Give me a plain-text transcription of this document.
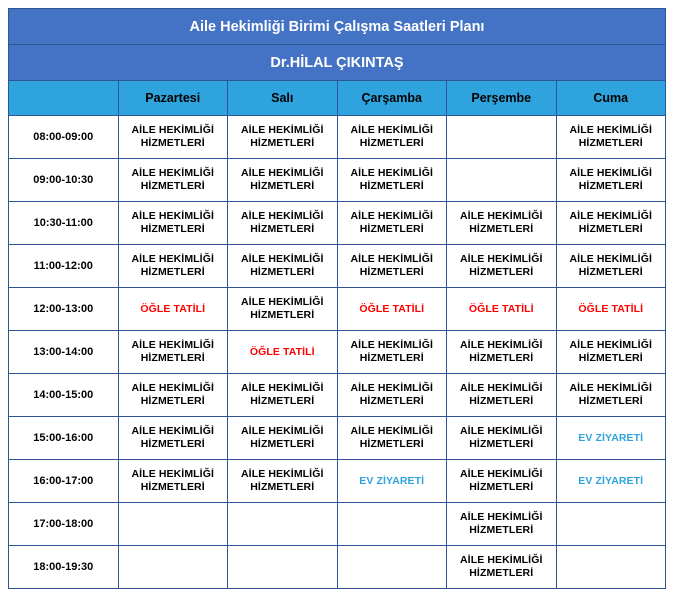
Aile Hekimliği Birimi Çalışma Saatleri Planı					
Dr.HİLAL ÇIKINTAŞ					
	Pazartesi	Salı	Çarşamba	Perşembe	Cuma
08:00-09:00	AİLE HEKİMLİĞİ HİZMETLERİ	AİLE HEKİMLİĞİ HİZMETLERİ	AİLE HEKİMLİĞİ HİZMETLERİ		AİLE HEKİMLİĞİ HİZMETLERİ
09:00-10:30	AİLE HEKİMLİĞİ HİZMETLERİ	AİLE HEKİMLİĞİ HİZMETLERİ	AİLE HEKİMLİĞİ HİZMETLERİ		AİLE HEKİMLİĞİ HİZMETLERİ
10:30-11:00	AİLE HEKİMLİĞİ HİZMETLERİ	AİLE HEKİMLİĞİ HİZMETLERİ	AİLE HEKİMLİĞİ HİZMETLERİ	AİLE HEKİMLİĞİ HİZMETLERİ	AİLE HEKİMLİĞİ HİZMETLERİ
11:00-12:00	AİLE HEKİMLİĞİ HİZMETLERİ	AİLE HEKİMLİĞİ HİZMETLERİ	AİLE HEKİMLİĞİ HİZMETLERİ	AİLE HEKİMLİĞİ HİZMETLERİ	AİLE HEKİMLİĞİ HİZMETLERİ
12:00-13:00	ÖĞLE TATİLİ	AİLE HEKİMLİĞİ HİZMETLERİ	ÖĞLE TATİLİ	ÖĞLE TATİLİ	ÖĞLE TATİLİ
13:00-14:00	AİLE HEKİMLİĞİ HİZMETLERİ	ÖĞLE TATİLİ	AİLE HEKİMLİĞİ HİZMETLERİ	AİLE HEKİMLİĞİ HİZMETLERİ	AİLE HEKİMLİĞİ HİZMETLERİ
14:00-15:00	AİLE HEKİMLİĞİ HİZMETLERİ	AİLE HEKİMLİĞİ HİZMETLERİ	AİLE HEKİMLİĞİ HİZMETLERİ	AİLE HEKİMLİĞİ HİZMETLERİ	AİLE HEKİMLİĞİ HİZMETLERİ
15:00-16:00	AİLE HEKİMLİĞİ HİZMETLERİ	AİLE HEKİMLİĞİ HİZMETLERİ	AİLE HEKİMLİĞİ HİZMETLERİ	AİLE HEKİMLİĞİ HİZMETLERİ	EV ZİYARETİ
16:00-17:00	AİLE HEKİMLİĞİ HİZMETLERİ	AİLE HEKİMLİĞİ HİZMETLERİ	EV ZİYARETİ	AİLE HEKİMLİĞİ HİZMETLERİ	EV ZİYARETİ
17:00-18:00				AİLE HEKİMLİĞİ HİZMETLERİ	
18:00-19:30				AİLE HEKİMLİĞİ HİZMETLERİ	
